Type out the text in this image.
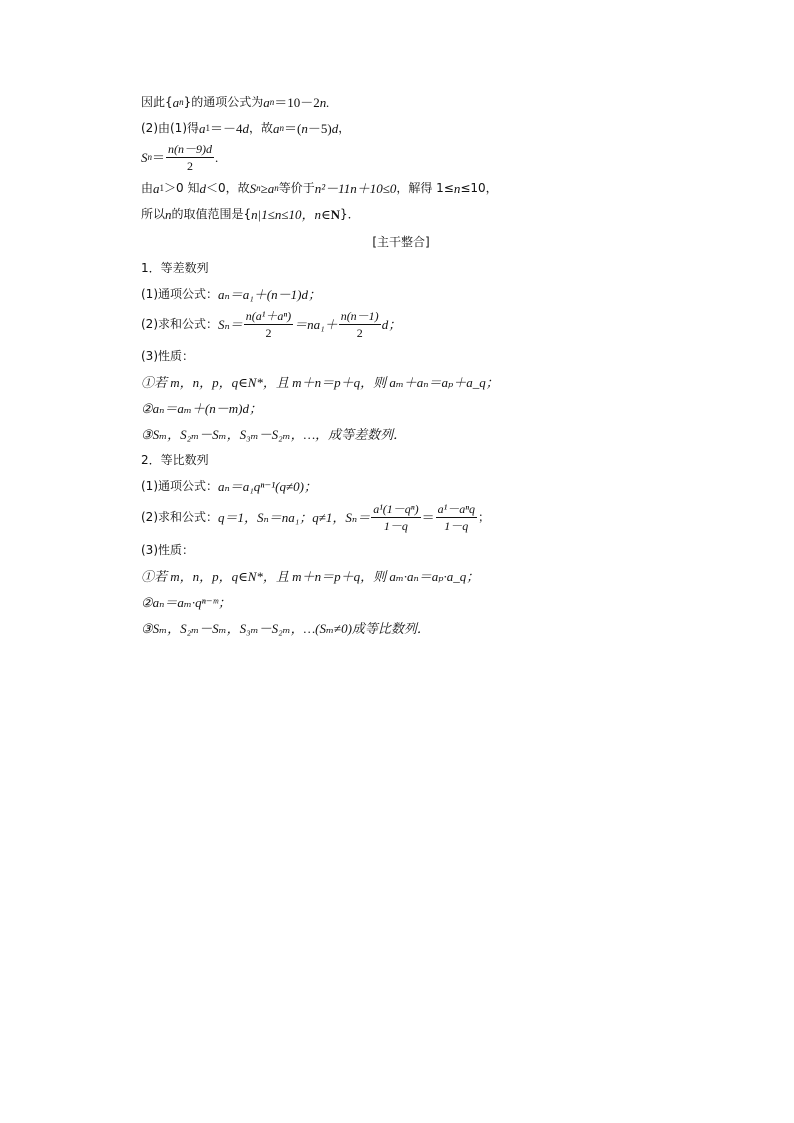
因此{ a n }的通项公式为 a n ＝10－2 n.
(2)由(1)得 a 1 ＝－4 d ，故 a n ＝( n －5) d ，
S $n = \frac{n(n-9)d}{2}$ .
由 a 1 ＞0 知 d ＜0，故 S n ≥ a n 等价于 n²－11n＋10≤0 ，解得 1≤ n ≤10，
所以 n 的取值范围是{ n|1≤n≤10，n∈ N }．
[主干整合]
1．等差数列
(1)通项公式： aₙ＝a₁＋(n－1)d；
(2)求和公式： $S_n= \frac{\text{n(a¹＋aⁿ)}}{2} =na_1+ \frac{n(n-1)}{2}$ d；
(3)性质：
①若 m，n，p，q∈N*，且 m＋n＝p＋q，则 aₘ＋aₙ＝aₚ＋a_q；
②aₙ＝aₘ＋(n－m)d；
③Sₘ，S₂ₘ－Sₘ，S₃ₘ－S₂ₘ，…，成等差数列．
2．等比数列
(1)通项公式： aₙ＝a₁qⁿ⁻¹(q≠0)；
(2)求和公式： q＝1，Sₙ＝na₁；q≠1，$S_n= \frac{\text{a¹(1－qⁿ)}}{1-q} = \frac{\text{a¹－aⁿq}}{1-q}$ ；
(3)性质：
①若 m，n，p，q∈N*，且 m＋n＝p＋q，则 aₘ·aₙ＝aₚ·a_q；
②aₙ＝aₘ·qⁿ⁻ᵐ；
③Sₘ，S₂ₘ－Sₘ，S₃ₘ－S₂ₘ，…(Sₘ≠0)成等比数列．
